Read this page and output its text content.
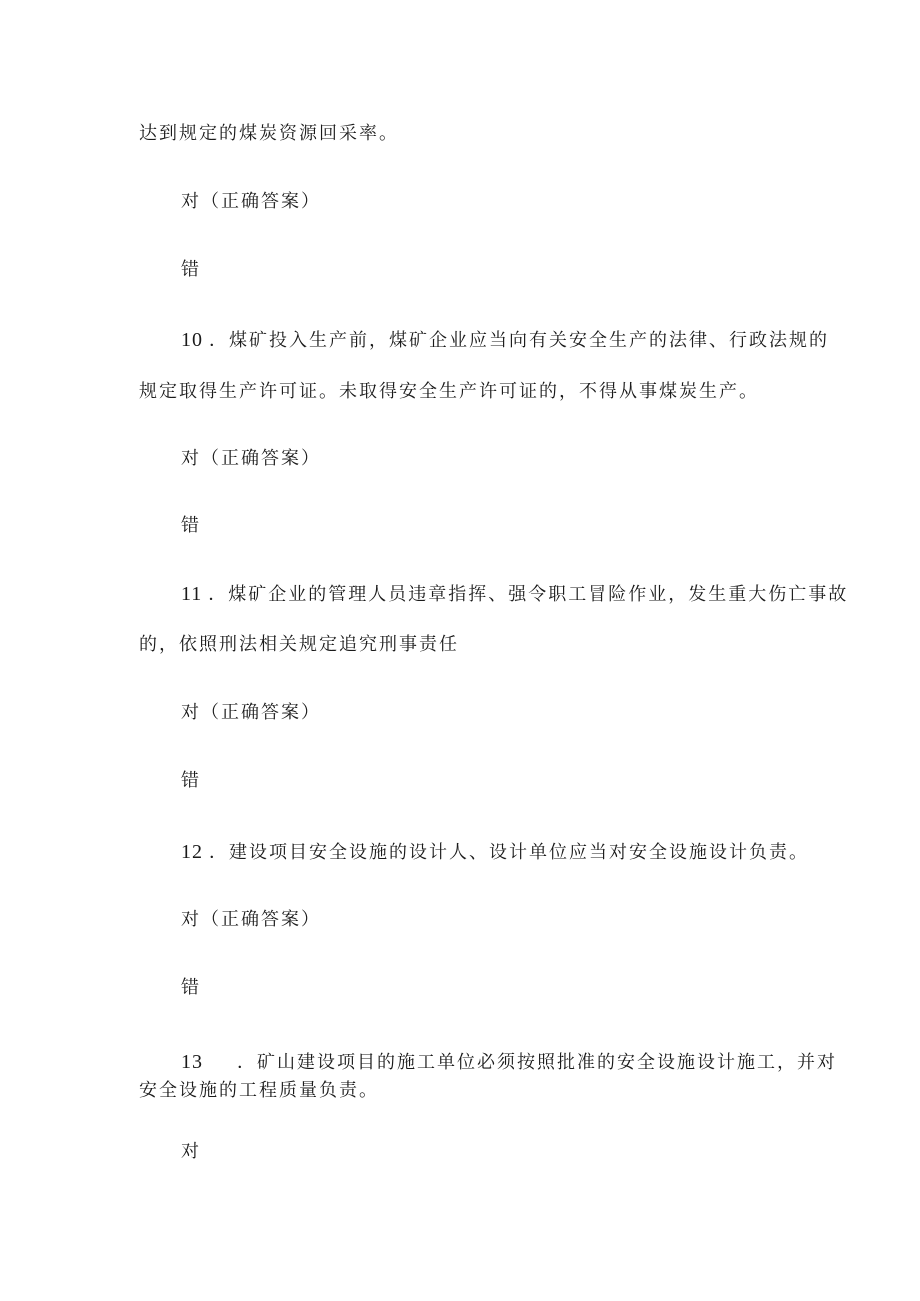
达到规定的煤炭资源回采率。
对（正确答案）
错
10 ．煤矿投入生产前，煤矿企业应当向有关安全生产的法律、行政法规的
规定取得生产许可证。未取得安全生产许可证的，不得从事煤炭生产。
对（正确答案）
错
11 ．煤矿企业的管理人员违章指挥、强令职工冒险作业，发生重大伤亡事故
的，依照刑法相关规定追究刑事责任
对（正确答案）
错
12 ．建设项目安全设施的设计人、设计单位应当对安全设施设计负责。
对（正确答案）
错
13 ．矿山建设项目的施工单位必须按照批准的安全设施设计施工，并对
安全设施的工程质量负责。
对
